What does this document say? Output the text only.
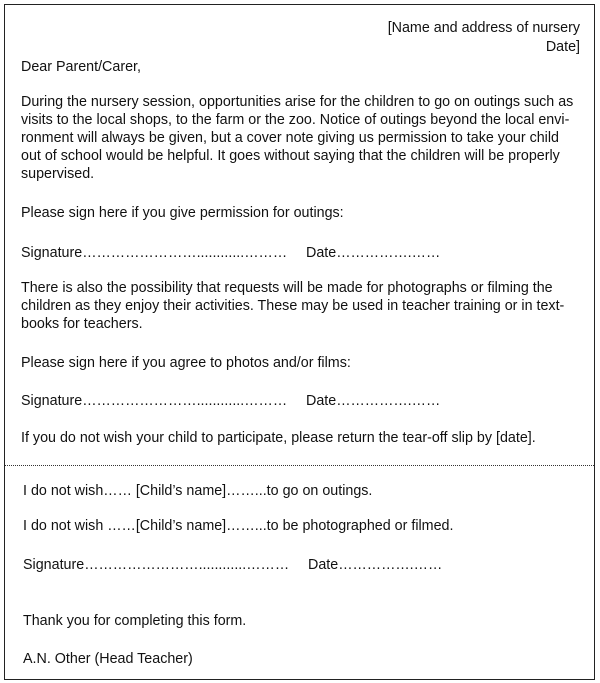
[Name and address of nursery
Date]
Dear Parent/Carer,
During the nursery session, opportunities arise for the children to go on outings such as
visits to the local shops, to the farm or the zoo. Notice of outings beyond the local envi-
ronment will always be given, but a cover note giving us permission to take your child
out of school would be helpful. It goes without saying that the children will be properly
supervised.
Please sign here if you give permission for outings:
Signature……………………............……… Date…………….……
There is also the possibility that requests will be made for photographs or filming the
children as they enjoy their activities. These may be used in teacher training or in text-
books for teachers.
Please sign here if you agree to photos and/or films:
Signature……………………............……… Date…………….……
If you do not wish your child to participate, please return the tear-off slip by [date].
I do not wish…… [Child’s name]……...to go on outings.
I do not wish ……[Child’s name]……...to be photographed or filmed.
Signature……………………............……… Date…………….……
Thank you for completing this form.
A.N. Other (Head Teacher)
